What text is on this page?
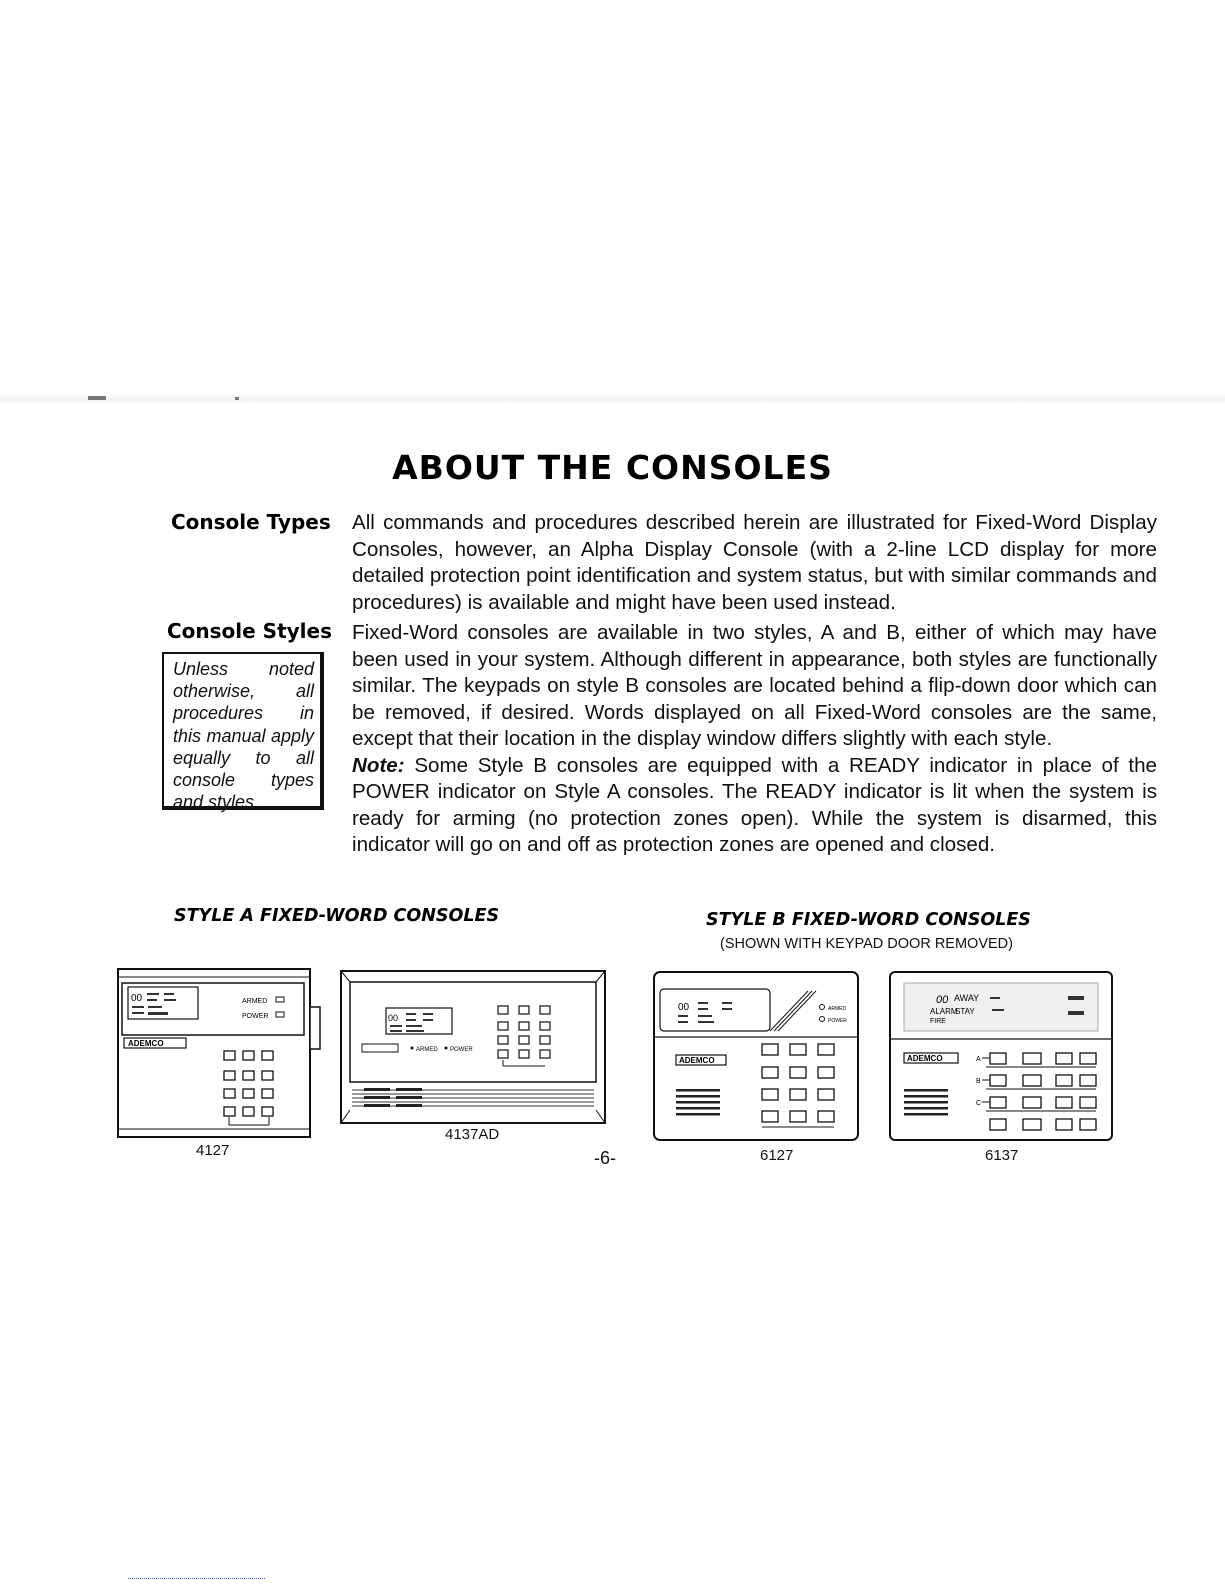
ABOUT THE CONSOLES
Console Types All commands and procedures described herein are illustrated for Fixed-Word Display Consoles, however, an Alpha Display Console (with a 2-line LCD display for more detailed protection point identification and system status, but with similar commands and procedures) is available and might have been used instead.

Console Styles Fixed-Word consoles are available in two styles, A and B, either of which may have been used in your system. Although different in appearance, both styles are functionally similar. The keypads on style B consoles are located behind a flip-down door which can be removed, if desired. Words displayed on all Fixed-Word consoles are the same, except that their location in the display window differs slightly with each style.

Note: Some Style B consoles are equipped with a READY indicator in place of the POWER indicator on Style A consoles. The READY indicator is lit when the system is ready for arming (no protection zones open). While the system is disarmed, this indicator will go on and off as protection zones are opened and closed.

Unless noted otherwise, all procedures in this manual apply equally to all console types and styles.
STYLE A FIXED-WORD CONSOLES	STYLE B FIXED-WORD CONSOLES
(SHOWN WITH KEYPAD DOOR REMOVED)
00	ARMED
POWER
ADEMCO
00
ARMED POWER
00	ARMED
POWER
ADEMCO
00 AWAY
ALARM
STAY
FIRE
ADEMCO	A
B
C
4127
4137AD
6127	6137
-6-
